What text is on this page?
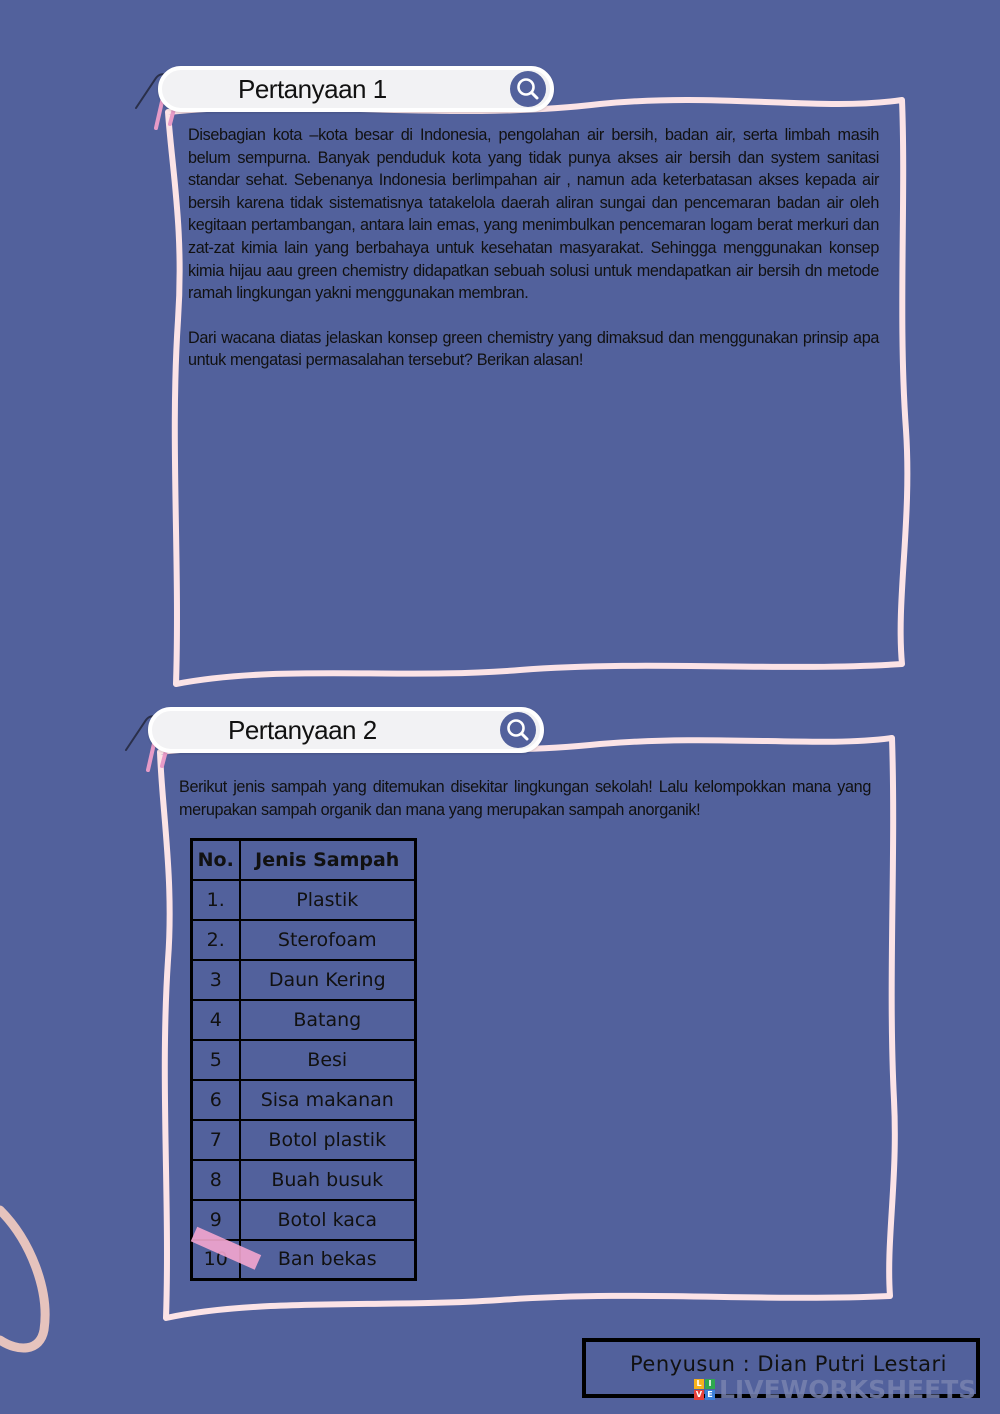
Pertanyaan 1

Disebagian kota –kota besar di Indonesia, pengolahan air bersih, badan air, serta limbah masih belum sempurna. Banyak penduduk kota yang tidak punya akses air bersih dan system sanitasi standar sehat. Sebenanya Indonesia berlimpahan air , namun ada keterbatasan akses kepada air bersih karena tidak sistematisnya tatakelola daerah aliran sungai dan pencemaran badan air oleh kegitaan pertambangan, antara lain emas, yang menimbulkan pencemaran logam berat merkuri dan zat-zat kimia lain yang berbahaya untuk kesehatan masyarakat. Sehingga menggunakan konsep kimia hijau aau green chemistry didapatkan sebuah solusi untuk mendapatkan air bersih dn metode ramah lingkungan yakni menggunakan membran.

Dari wacana diatas jelaskan konsep green chemistry yang dimaksud dan menggunakan prinsip apa untuk mengatasi permasalahan tersebut? Berikan alasan!

Pertanyaan 2
Berikut jenis sampah yang ditemukan disekitar lingkungan sekolah! Lalu kelompokkan mana yang merupakan sampah organik dan mana yang merupakan sampah anorganik!
No.	Jenis Sampah
1.	Plastik
2.	Sterofoam
3	Daun Kering
4	Batang
5	Besi
6	Sisa makanan
7	Botol plastik
8	Buah busuk
9	Botol kaca
10	Ban bekas
Penyusun : Dian Putri Lestari
L I
V E LIVEWORKSHEETS
